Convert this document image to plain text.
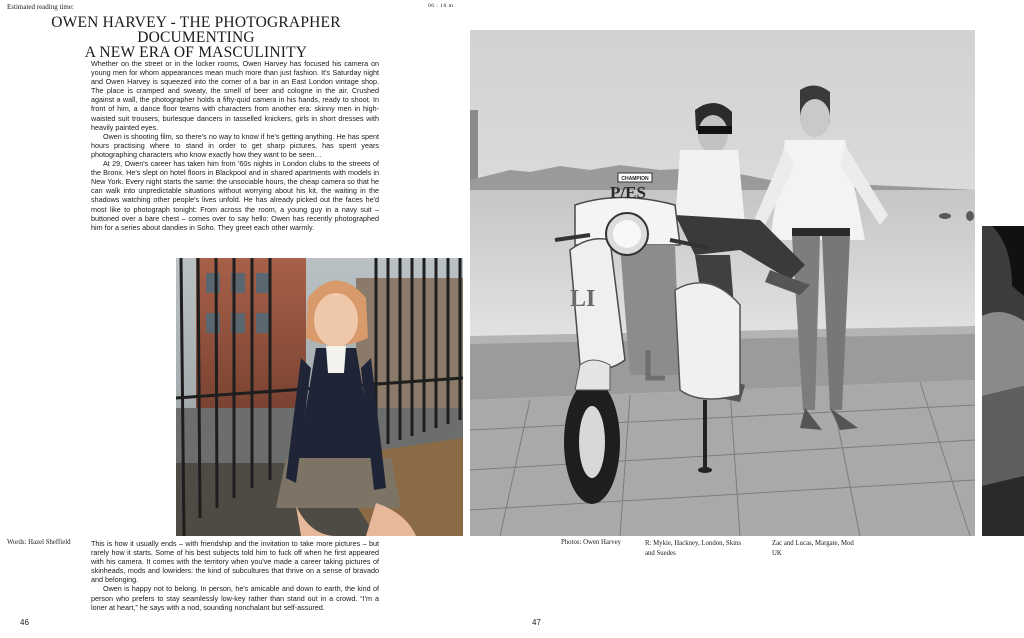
Estimated reading time:	06 : 16 m
OWEN HARVEY - THE PHOTOGRAPHER DOCUMENTING
A NEW ERA OF MASCULINITY

Whether on the street or in the locker rooms, Owen Harvey has focused his camera on young men for whom appearances mean much more than just fashion. It's Saturday night and Owen Harvey is squeezed into the corner of a bar in an East London vintage shop. The place is cramped and sweaty, the smell of beer and cologne in the air. Crushed against a wall, the photographer holds a fifty-quid camera in his hands, ready to shoot. In front of him, a dance floor teams with characters from another era: skinny men in high-waisted suit trousers, burlesque dancers in tasselled knickers, girls in short dresses with heavily painted eyes.

Owen is shooting film, so there's no way to know if he's getting anything. He has spent hours practising where to stand in order to get sharp pictures, has spent years photographing characters who know exactly how they want to be seen…

At 29, Owen's career has taken him from '60s nights in London clubs to the streets of the Bronx. He's slept on hotel floors in Blackpool and in shared apartments with models in New York. Every night starts the same: the unsociable hours, the cheap camera so that he can walk into unpredictable situations without worrying about his kit, the waiting in the shadows watching other people's lives unfold. He has already picked out the faces he'd most like to photograph tonight: From across the room, a young guy in a navy suit – buttoned over a bare chest – comes over to say hello: Owen has recently photographed him for a series about dandies in Soho. They greet each other warmly.

CHAMPION
P/ES
LI
Words: Hazel Sheffield	This is how it usually ends – with friendship and the invitation to take more pictures – but rarely how it starts. Some of his best subjects told him to fuck off when he first appeared with his camera. It comes with the territory when you've made a career taking pictures of skinheads, mods and lowriders: the kind of subcultures that thrive on a sense of bravado and belonging.

Owen is happy not to belong. In person, he's amicable and down to earth, the kind of person who prefers to stay seamlessly low-key rather than stand out in a crowd. “I'm a loner at heart,” he says with a nod, sounding nonchalant but self-assured.

Photos: Owen Harvey	R: Mykie, Hackney, London, Skins and Suedes
Zac and Lucas, Margate, Mod UK
46	47
